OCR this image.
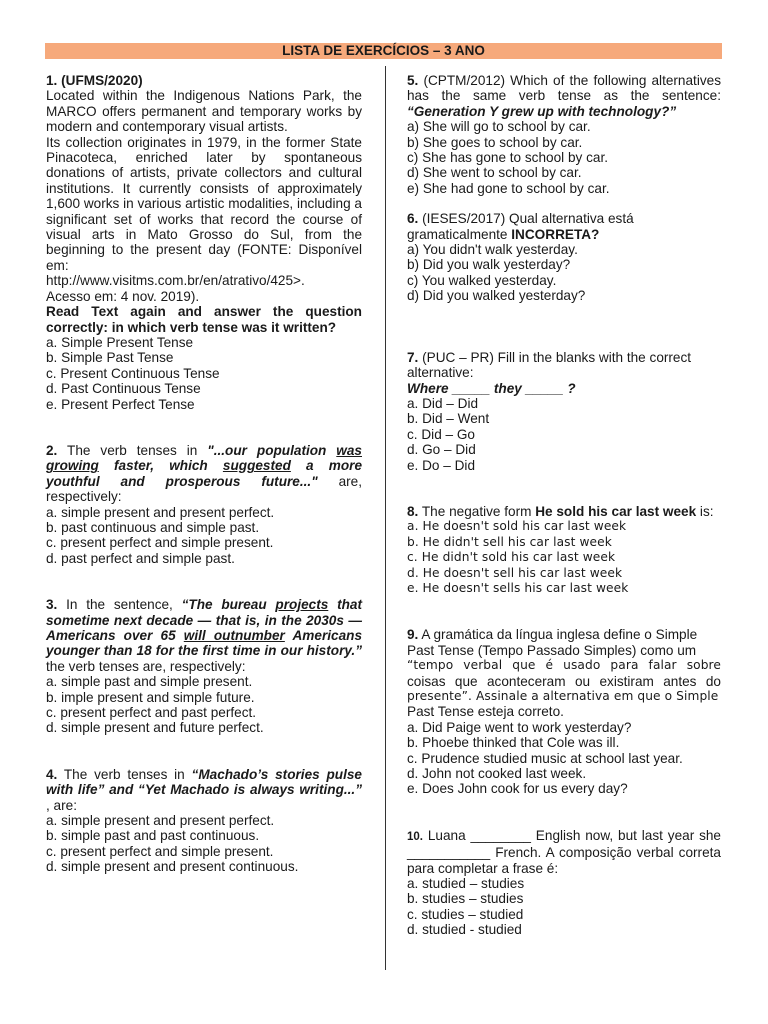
LISTA DE EXERCÍCIOS – 3 ANO

1. (UFMS/2020)

Located within the Indigenous Nations Park, the MARCO offers permanent and temporary works by modern and contemporary visual artists.

Its collection originates in 1979, in the former State Pinacoteca, enriched later by spontaneous donations of artists, private collectors and cultural institutions. It currently consists of approximately 1,600 works in various artistic modalities, including a significant set of works that record the course of visual arts in Mato Grosso do Sul, from the beginning to the present day (FONTE: Disponível em:

http://www.visitms.com.br/en/atrativo/425>.

Acesso em: 4 nov. 2019).

Read Text again and answer the question correctly: in which verb tense was it written?

a. Simple Present Tense

b. Simple Past Tense

c. Present Continuous Tense

d. Past Continuous Tense

e. Present Perfect Tense

2. The verb tenses in "...our population was growing faster, which suggested a more youthful and prosperous future..." are, respectively:

a. simple present and present perfect.

b. past continuous and simple past.

c. present perfect and simple present.

d. past perfect and simple past.

3. In the sentence, “The bureau projects that sometime next decade — that is, in the 2030s — Americans over 65 will outnumber Americans younger than 18 for the first time in our history.” the verb tenses are, respectively:

a. simple past and simple present.

b. imple present and simple future.

c. present perfect and past perfect.

d. simple present and future perfect.

4. The verb tenses in “Machado’s stories pulse with life” and “Yet Machado is always writing...” , are:

a. simple present and present perfect.

b. simple past and past continuous.

c. present perfect and simple present.

d. simple present and present continuous.

5. (CPTM/2012) Which of the following alternatives has the same verb tense as the sentence: “Generation Y grew up with technology?”

a) She will go to school by car.

b) She goes to school by car.

c) She has gone to school by car.

d) She went to school by car.

e) She had gone to school by car.

6. (IESES/2017) Qual alternativa está gramaticalmente INCORRETA?

a) You didn't walk yesterday.

b) Did you walk yesterday?

c) You walked yesterday.

d) Did you walked yesterday?

7. (PUC – PR) Fill in the blanks with the correct alternative:

Where _____ they _____ ?

a. Did – Did

b. Did – Went

c. Did – Go

d. Go – Did

e. Do – Did

8. The negative form He sold his car last week is:

a. He doesn't sold his car last week

b. He didn't sell his car last week

c. He didn't sold his car last week

d. He doesn't sell his car last week

e. He doesn't sells his car last week

9. A gramática da língua inglesa define o Simple Past Tense (Tempo Passado Simples) como um

“tempo verbal que é usado para falar sobre

coisas que aconteceram ou existiram antes do

presente”. Assinale a alternativa em que o Simple

Past Tense esteja correto.

a. Did Paige went to work yesterday?

b. Phoebe thinked that Cole was ill.

c. Prudence studied music at school last year.

d. John not cooked last week.

e. Does John cook for us every day?

10. Luana ________ English now, but last year she ___________ French. A composição verbal correta para completar a frase é:

a. studied – studies

b. studies – studies

c. studies – studied

d. studied - studied
